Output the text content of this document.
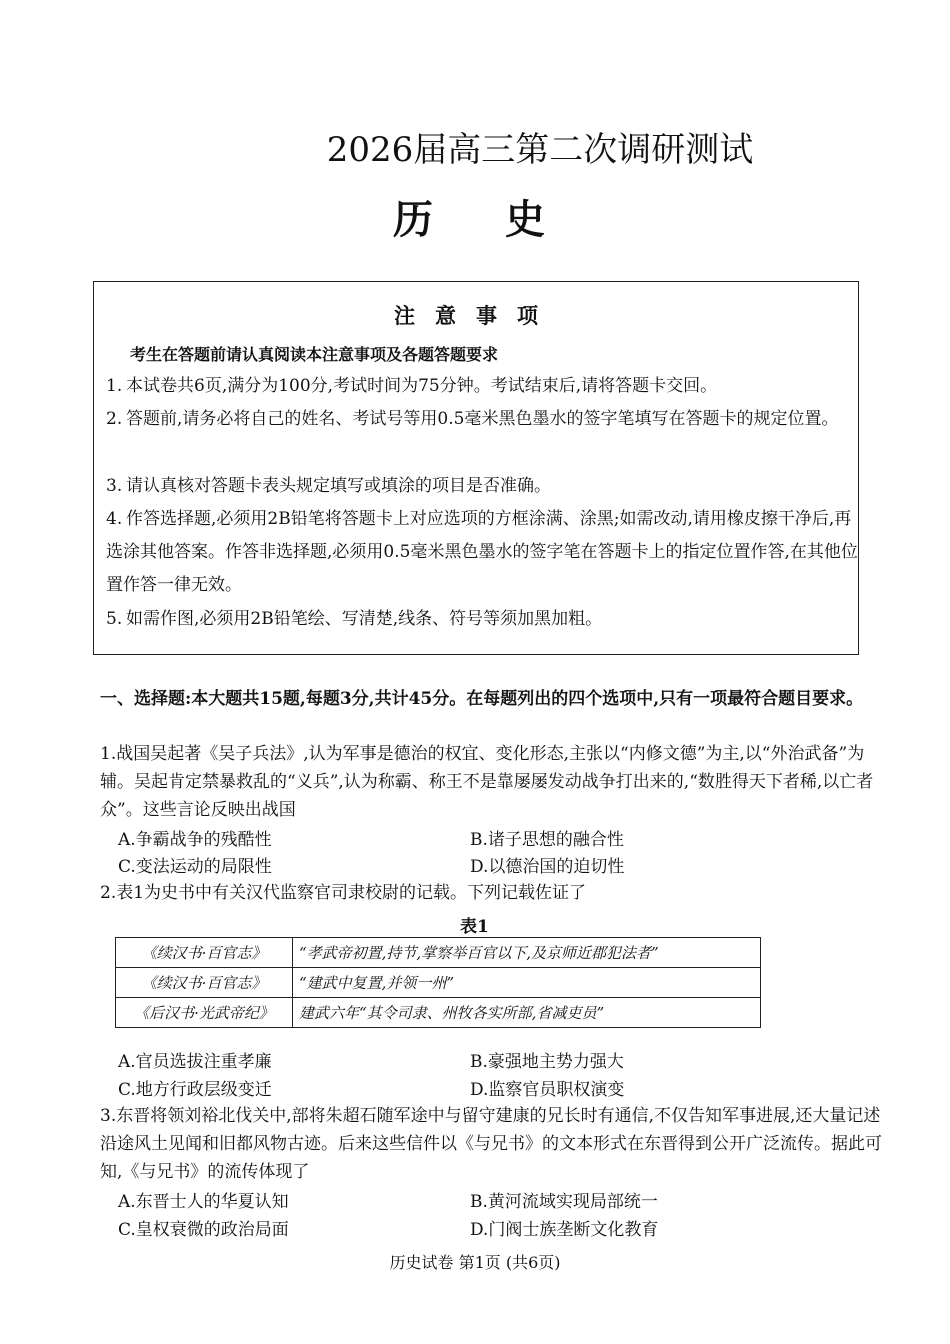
2026届高三第二次调研测试
历史
注意事项
考生在答题前请认真阅读本注意事项及各题答题要求
1. 本试卷共6页,满分为100分,考试时间为75分钟。考试结束后,请将答题卡交回。
2. 答题前,请务必将自己的姓名、考试号等用0.5毫米黑色墨水的签字笔填写在答题卡的规定位置。
3. 请认真核对答题卡表头规定填写或填涂的项目是否准确。
4. 作答选择题,必须用2B铅笔将答题卡上对应选项的方框涂满、涂黑;如需改动,请用橡皮擦干净后,再选涂其他答案。作答非选择题,必须用0.5毫米黑色墨水的签字笔在答题卡上的指定位置作答,在其他位置作答一律无效。
5. 如需作图,必须用2B铅笔绘、写清楚,线条、符号等须加黑加粗。
一、选择题:本大题共15题,每题3分,共计45分。在每题列出的四个选项中,只有一项最符合题目要求。
1.战国吴起著《吴子兵法》,认为军事是德治的权宜、变化形态,主张以“内修文德”为主,以“外治武备”为辅。吴起肯定禁暴救乱的“义兵”,认为称霸、称王不是靠屡屡发动战争打出来的,“数胜得天下者稀,以亡者众”。这些言论反映出战国
A.争霸战争的残酷性	B.诸子思想的融合性
C.变法运动的局限性	D.以德治国的迫切性
2.表1为史书中有关汉代监察官司隶校尉的记载。下列记载佐证了
表1
《续汉书·百官志》	“孝武帝初置,持节,掌察举百官以下,及京师近郡犯法者”
《续汉书·百官志》	“建武中复置,并领一州”
《后汉书·光武帝纪》	建武六年“其令司隶、州牧各实所部,省减吏员”
A.官员选拔注重孝廉	B.豪强地主势力强大
C.地方行政层级变迁	D.监察官员职权演变
3.东晋将领刘裕北伐关中,部将朱超石随军途中与留守建康的兄长时有通信,不仅告知军事进展,还大量记述沿途风土见闻和旧都风物古迹。后来这些信件以《与兄书》的文本形式在东晋得到公开广泛流传。据此可知,《与兄书》的流传体现了
A.东晋士人的华夏认知	B.黄河流域实现局部统一
C.皇权衰微的政治局面	D.门阀士族垄断文化教育
历史试卷 第1页 (共6页)
